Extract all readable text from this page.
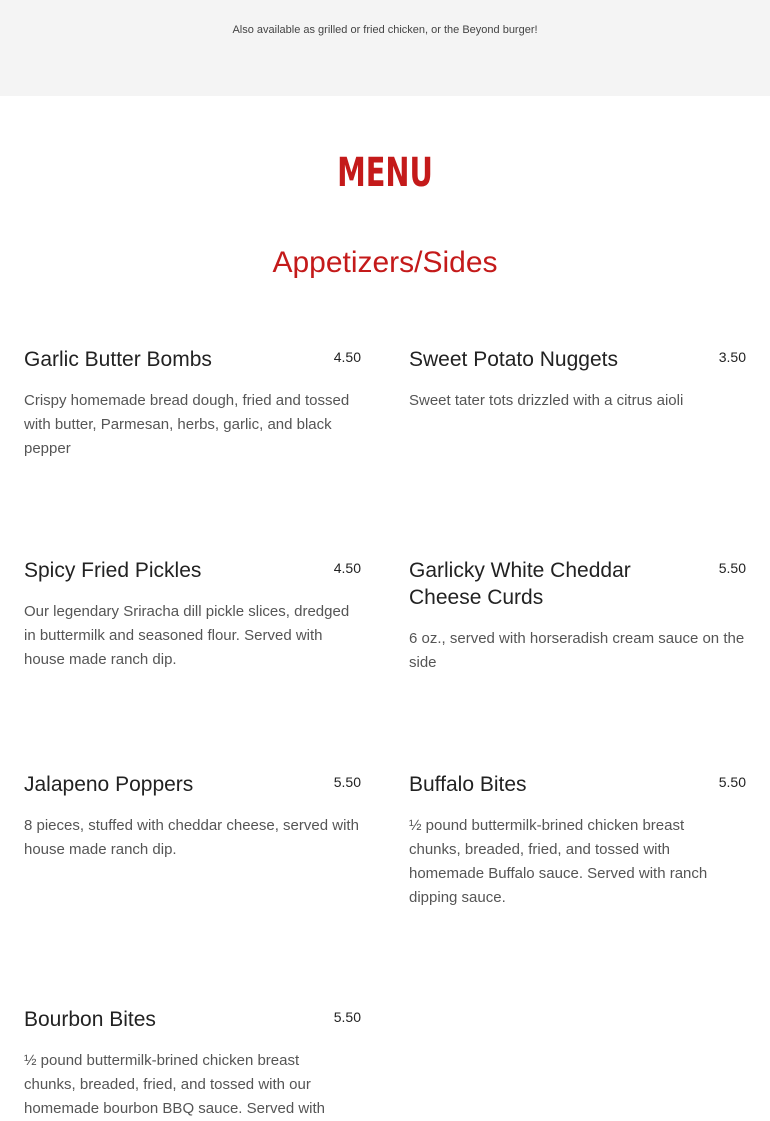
Also available as grilled or fried chicken, or the Beyond burger!
MENU
Appetizers/Sides
Garlic Butter Bombs	4.50
Crispy homemade bread dough, fried and tossed with butter, Parmesan, herbs, garlic, and black pepper
Sweet Potato Nuggets	3.50
Sweet tater tots drizzled with a citrus aioli
Spicy Fried Pickles	4.50
Our legendary Sriracha dill pickle slices, dredged in buttermilk and seasoned flour. Served with house made ranch dip.
Garlicky White Cheddar Cheese Curds
5.50
6 oz., served with horseradish cream sauce on the side
Jalapeno Poppers	5.50
8 pieces, stuffed with cheddar cheese, served with house made ranch dip.
Buffalo Bites	5.50
½ pound buttermilk-brined chicken breast chunks, breaded, fried, and tossed with homemade Buffalo sauce. Served with ranch dipping sauce.
Bourbon Bites	5.50
½ pound buttermilk-brined chicken breast chunks, breaded, fried, and tossed with our homemade bourbon BBQ sauce. Served with
